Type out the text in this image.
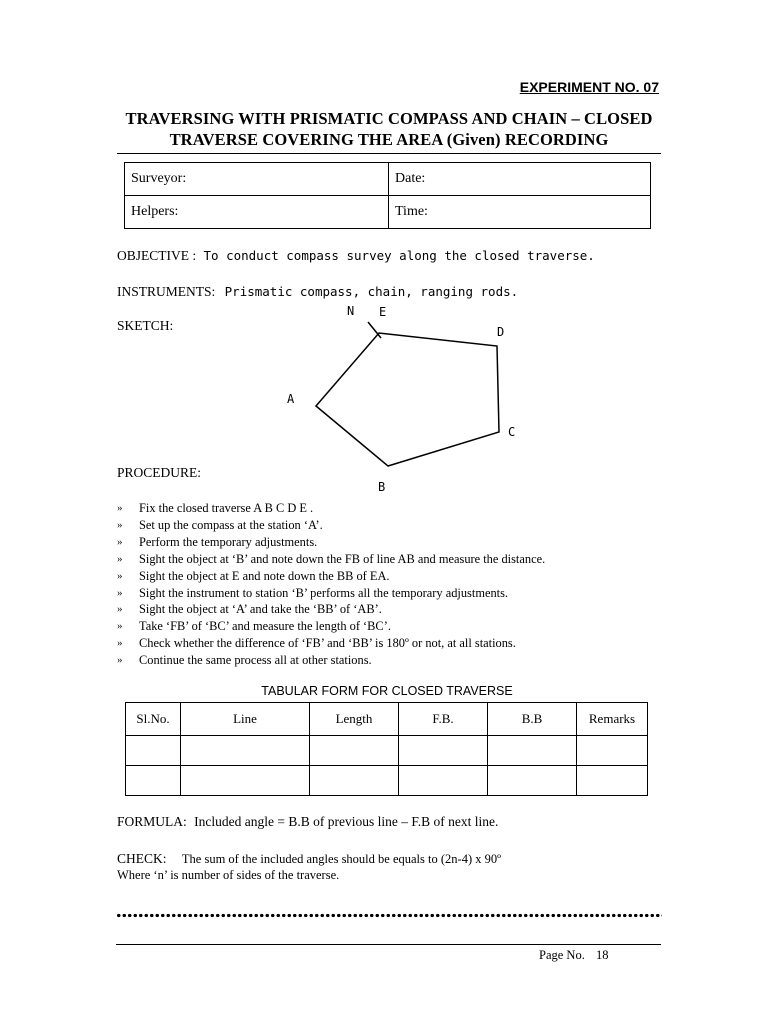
EXPERIMENT NO. 07
TRAVERSING WITH PRISMATIC COMPASS AND CHAIN – CLOSED
TRAVERSE COVERING THE AREA (Given) RECORDING
Surveyor:	Date:
Helpers:	Time:
OBJECTIVE : To conduct compass survey along the closed traverse.
INSTRUMENTS: Prismatic compass, chain, ranging rods.
SKETCH:
N E
D
A
C
B
PROCEDURE:
» Fix the closed traverse A B C D E .
» Set up the compass at the station ‘A’.
» Perform the temporary adjustments.
» Sight the object at ‘B’ and note down the FB of line AB and measure the distance.
» Sight the object at E and note down the BB of EA.
» Sight the instrument to station ‘B’ performs all the temporary adjustments.
» Sight the object at ‘A’ and take the ‘BB’ of ‘AB’.
» Take ‘FB’ of ‘BC’ and measure the length of ‘BC’.
» Check whether the difference of ‘FB’ and ‘BB’ is 180º or not, at all stations.
» Continue the same process all at other stations.
TABULAR FORM FOR CLOSED TRAVERSE
Sl.No.	Line	Length	F.B.	B.B	Remarks

FORMULA: Included angle = B.B of previous line – F.B of next line.
CHECK: The sum of the included angles should be equals to (2n-4) x 90º
Where ‘n’ is number of sides of the traverse.
Page No. 18
